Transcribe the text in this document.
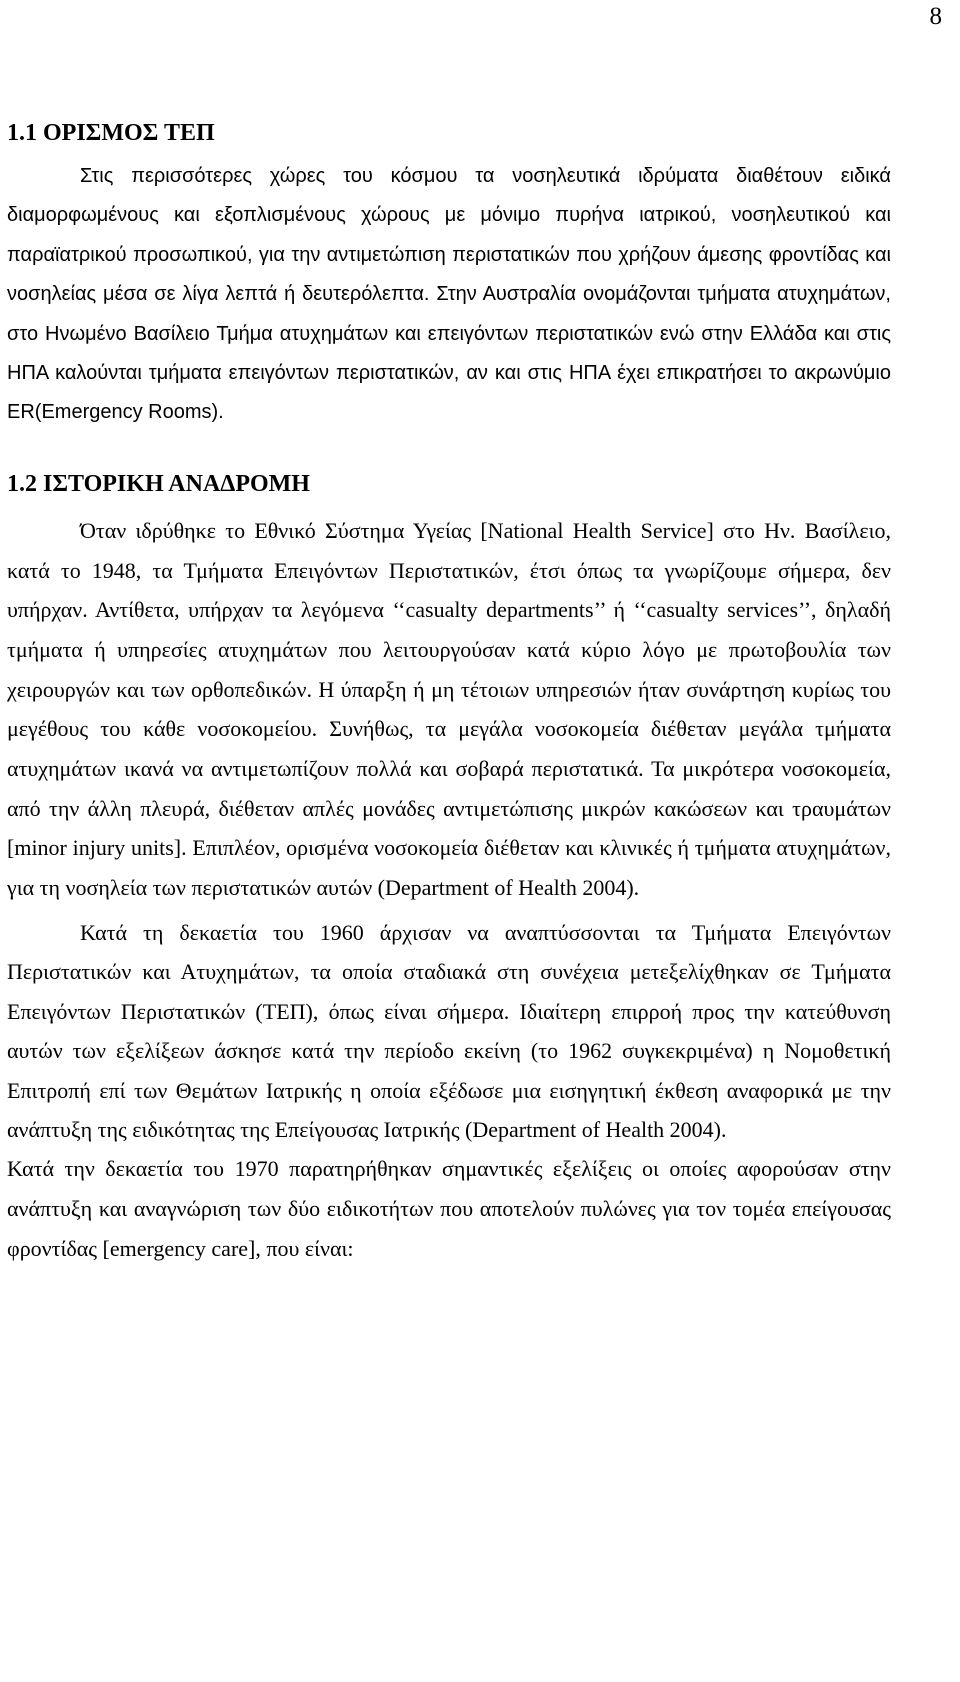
8
1.1 ΟΡΙΣΜΟΣ ΤΕΠ

Στις περισσότερες χώρες του κόσμου τα νοσηλευτικά ιδρύματα διαθέτουν ειδικά διαμορφωμένους και εξοπλισμένους χώρους με μόνιμο πυρήνα ιατρικού, νοσηλευτικού και παραϊατρικού προσωπικού, για την αντιμετώπιση περιστατικών που χρήζουν άμεσης φροντίδας και νοσηλείας μέσα σε λίγα λεπτά ή δευτερόλεπτα. Στην Αυστραλία ονομάζονται τμήματα ατυχημάτων, στο Ηνωμένο Βασίλειο Τμήμα ατυχημάτων και επειγόντων περιστατικών ενώ στην Ελλάδα και στις ΗΠΑ καλούνται τμήματα επειγόντων περιστατικών, αν και στις ΗΠΑ έχει επικρατήσει το ακρωνύμιο ER(Emergency Rooms).

1.2 ΙΣΤΟΡΙΚΗ ΑΝΑΔΡΟΜΗ

Όταν ιδρύθηκε το Εθνικό Σύστημα Υγείας [National Health Service] στο Ην. Βασίλειο, κατά το 1948, τα Τμήματα Επειγόντων Περιστατικών, έτσι όπως τα γνωρίζουμε σήμερα, δεν υπήρχαν. Αντίθετα, υπήρχαν τα λεγόμενα ‘‘casualty departments’’ ή ‘‘casualty services’’, δηλαδή τμήματα ή υπηρεσίες ατυχημάτων που λειτουργούσαν κατά κύριο λόγο με πρωτοβουλία των χειρουργών και των ορθοπεδικών. Η ύπαρξη ή μη τέτοιων υπηρεσιών ήταν συνάρτηση κυρίως του μεγέθους του κάθε νοσοκομείου. Συνήθως, τα μεγάλα νοσοκομεία διέθεταν μεγάλα τμήματα ατυχημάτων ικανά να αντιμετωπίζουν πολλά και σοβαρά περιστατικά. Τα μικρότερα νοσοκομεία, από την άλλη πλευρά, διέθεταν απλές μονάδες αντιμετώπισης μικρών κακώσεων και τραυμάτων [minor injury units]. Επιπλέον, ορισμένα νοσοκομεία διέθεταν και κλινικές ή τμήματα ατυχημάτων, για τη νοσηλεία των περιστατικών αυτών (Department of Health 2004).

Κατά τη δεκαετία του 1960 άρχισαν να αναπτύσσονται τα Τμήματα Επειγόντων Περιστατικών και Ατυχημάτων, τα οποία σταδιακά στη συνέχεια μετεξελίχθηκαν σε Τμήματα Επειγόντων Περιστατικών (ΤΕΠ), όπως είναι σήμερα. Ιδιαίτερη επιρροή προς την κατεύθυνση αυτών των εξελίξεων άσκησε κατά την περίοδο εκείνη (το 1962 συγκεκριμένα) η Νομοθετική Επιτροπή επί των Θεμάτων Ιατρικής η οποία εξέδωσε μια εισηγητική έκθεση αναφορικά με την ανάπτυξη της ειδικότητας της Επείγουσας Ιατρικής (Department of Health 2004).

Κατά την δεκαετία του 1970 παρατηρήθηκαν σημαντικές εξελίξεις οι οποίες αφορούσαν στην ανάπτυξη και αναγνώριση των δύο ειδικοτήτων που αποτελούν πυλώνες για τον τομέα επείγουσας φροντίδας [emergency care], που είναι:
